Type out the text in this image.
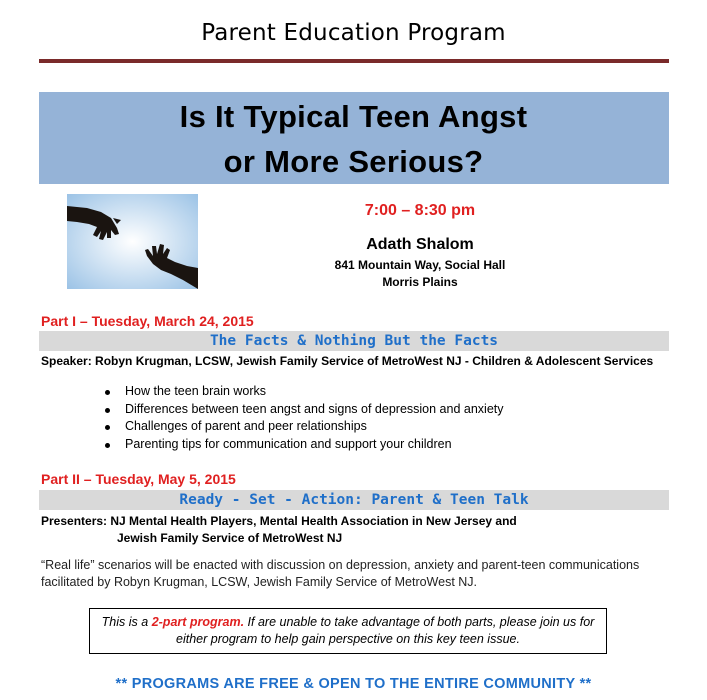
Parent Education Program
Is It Typical Teen Angst
or More Serious?
7:00 – 8:30 pm
Adath Shalom
841 Mountain Way, Social Hall
Morris Plains
Part I – Tuesday, March 24, 2015
The Facts & Nothing But the Facts
Speaker: Robyn Krugman, LCSW, Jewish Family Service of MetroWest NJ - Children & Adolescent Services
How the teen brain works
Differences between teen angst and signs of depression and anxiety
Challenges of parent and peer relationships
Parenting tips for communication and support your children
Part II – Tuesday, May 5, 2015
Ready - Set - Action: Parent & Teen Talk
Presenters: NJ Mental Health Players, Mental Health Association in New Jersey and
Jewish Family Service of MetroWest NJ
“Real life” scenarios will be enacted with discussion on depression, anxiety and parent-teen communications
facilitated by Robyn Krugman, LCSW, Jewish Family Service of MetroWest NJ.
This is a 2-part program. If are unable to take advantage of both parts, please join us for
either program to help gain perspective on this key teen issue.
** PROGRAMS ARE FREE & OPEN TO THE ENTIRE COMMUNITY **
